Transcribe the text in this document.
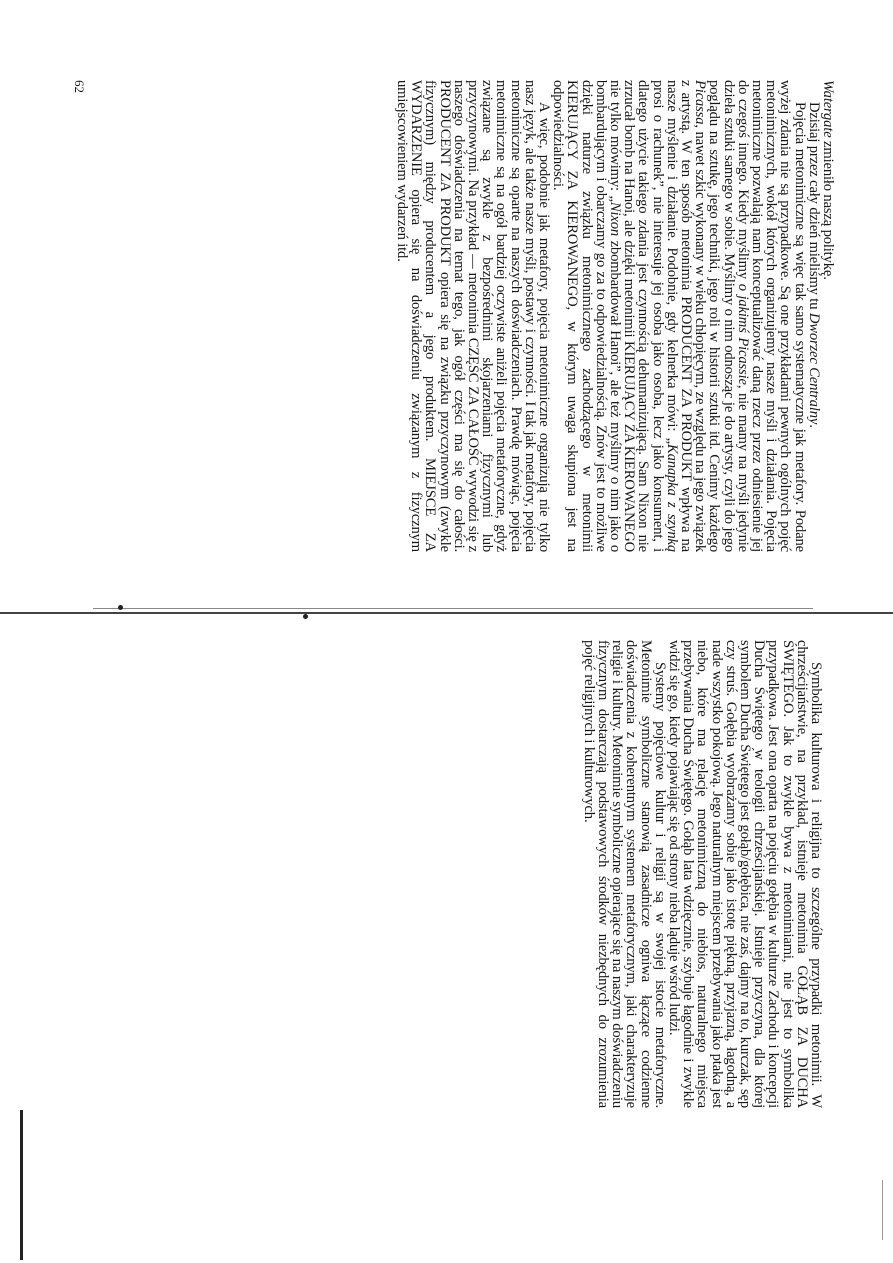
Watergate zmieniło naszą politykę.

Dzisiaj przez cały dzień mieliśmy tu Dworzec Centralny.

Pojęcia metonimiczne są więc tak samo systematyczne jak metafory. Podane wyżej zdania nie są przypadkowe. Są one przykładami pewnych ogólnych pojęć metonimicznych, wokół których organizujemy nasze myśli i działania. Pojęcia metonimiczne pozwalają nam konceptualizować daną rzecz przez odniesienie jej do czegoś innego. Kiedy myślimy o jakimś Picassie, nie mamy na myśli jedynie dzieła sztuki samego w sobie. Myślimy o nim odnosząc je do artysty, czyli do jego poglądu na sztukę, jego techniki, jego roli w historii sztuki itd. Cenimy każdego Picassa, nawet szkic wykonany w wieku chłopięcym, ze względu na jego związek z artystą. W ten sposób metonimia PRODUCENT ZA PRODUKT wpływa na nasze myślenie i działanie. Podobnie, gdy kelnerka mówi: „Kanapka z szynką prosi o rachunek”, nie interesuje jej osoba jako osoba, lecz jako konsument, i dlatego użycie takiego zdania jest czynnością dehumanizującą. Sam Nixon nie zrzucał bomb na Hanoi, ale dzięki metonimii KIERUJĄCY ZA KIEROWANEGO nie tylko mówimy: „Nixon zbombardował Hanoi”, ale też myślimy o nim jako o bombardującym i obarczamy go za to odpowiedzialnością. Znów jest to możliwe dzięki naturze związku metonimicznego zachodzącego w metonimii KIERUJĄCY ZA KIEROWANEGO, w którym uwaga skupiona jest na odpowiedzialności.

A więc, podobnie jak metafory, pojęcia metonimiczne organizują nie tylko nasz język, ale także nasze myśli, postawy i czynności. I tak jak metafory, pojęcia metonimiczne są oparte na naszych doświadczeniach. Prawdę mówiąc, pojęcia metonimiczne są na ogół bardziej oczywiste aniżeli pojęcia metaforyczne, gdyż związane są zwykle z bezpośrednimi skojarzeniami fizycznymi lub przyczynowymi. Na przykład — metonimia CZĘŚĆ ZA CAŁOŚĆ wywodzi się z naszego doświadczenia na temat tego, jak ogół części ma się do całości. PRODUCENT ZA PRODUKT opiera się na związku przyczynowym (zwykle fizycznym) między producentem a jego produktem. MIEJSCE ZA WYDARZENIE opiera się na doświadczeniu związanym z fizycznym umiejscowieniem wydarzeń itd.

Symbolika kulturowa i religijna to szczególne przypadki metonimii. W chrześcijaństwie, na przykład, istnieje metonimia GOŁĄB ZA DUCHA ŚWIĘTEGO. Jak to zwykle bywa z metonimiami, nie jest to symbolika przypadkowa. Jest ona oparta na pojęciu gołębia w kulturze Zachodu i koncepcji Ducha Świętego w teologii chrześcijańskiej. Istnieje przyczyna, dla której symbolem Ducha Świętego jest gołąb/gołębica, nie zaś, dajmy na to, kurczak, sęp czy struś. Gołębia wyobrażamy sobie jako istotę piękną, przyjazną, łagodną, a nade wszystko pokojową. Jego naturalnym miejscem przebywania jako ptaka jest niebo, które ma relację metonimiczną do niebios, naturalnego miejsca przebywania Ducha Świętego. Gołąb lata wdzięcznie, szybuje łagodnie i zwykle widzi się go, kiedy pojawiając się od strony nieba ląduje wśród ludzi.

Systemy pojęciowe kultur i religii są w swojej istocie metaforyczne. Metonimie symboliczne stanowią zasadnicze ogniwa łączące codzienne doświadczenia z koherentnym systemem metaforycznym, jaki charakteryzuje religie i kultury. Metonimie symboliczne opierające się na naszym doświadczeniu fizycznym dostarczają podstawowych środków niezbędnych do zrozumienia pojęć religijnych i kulturowych.

62
